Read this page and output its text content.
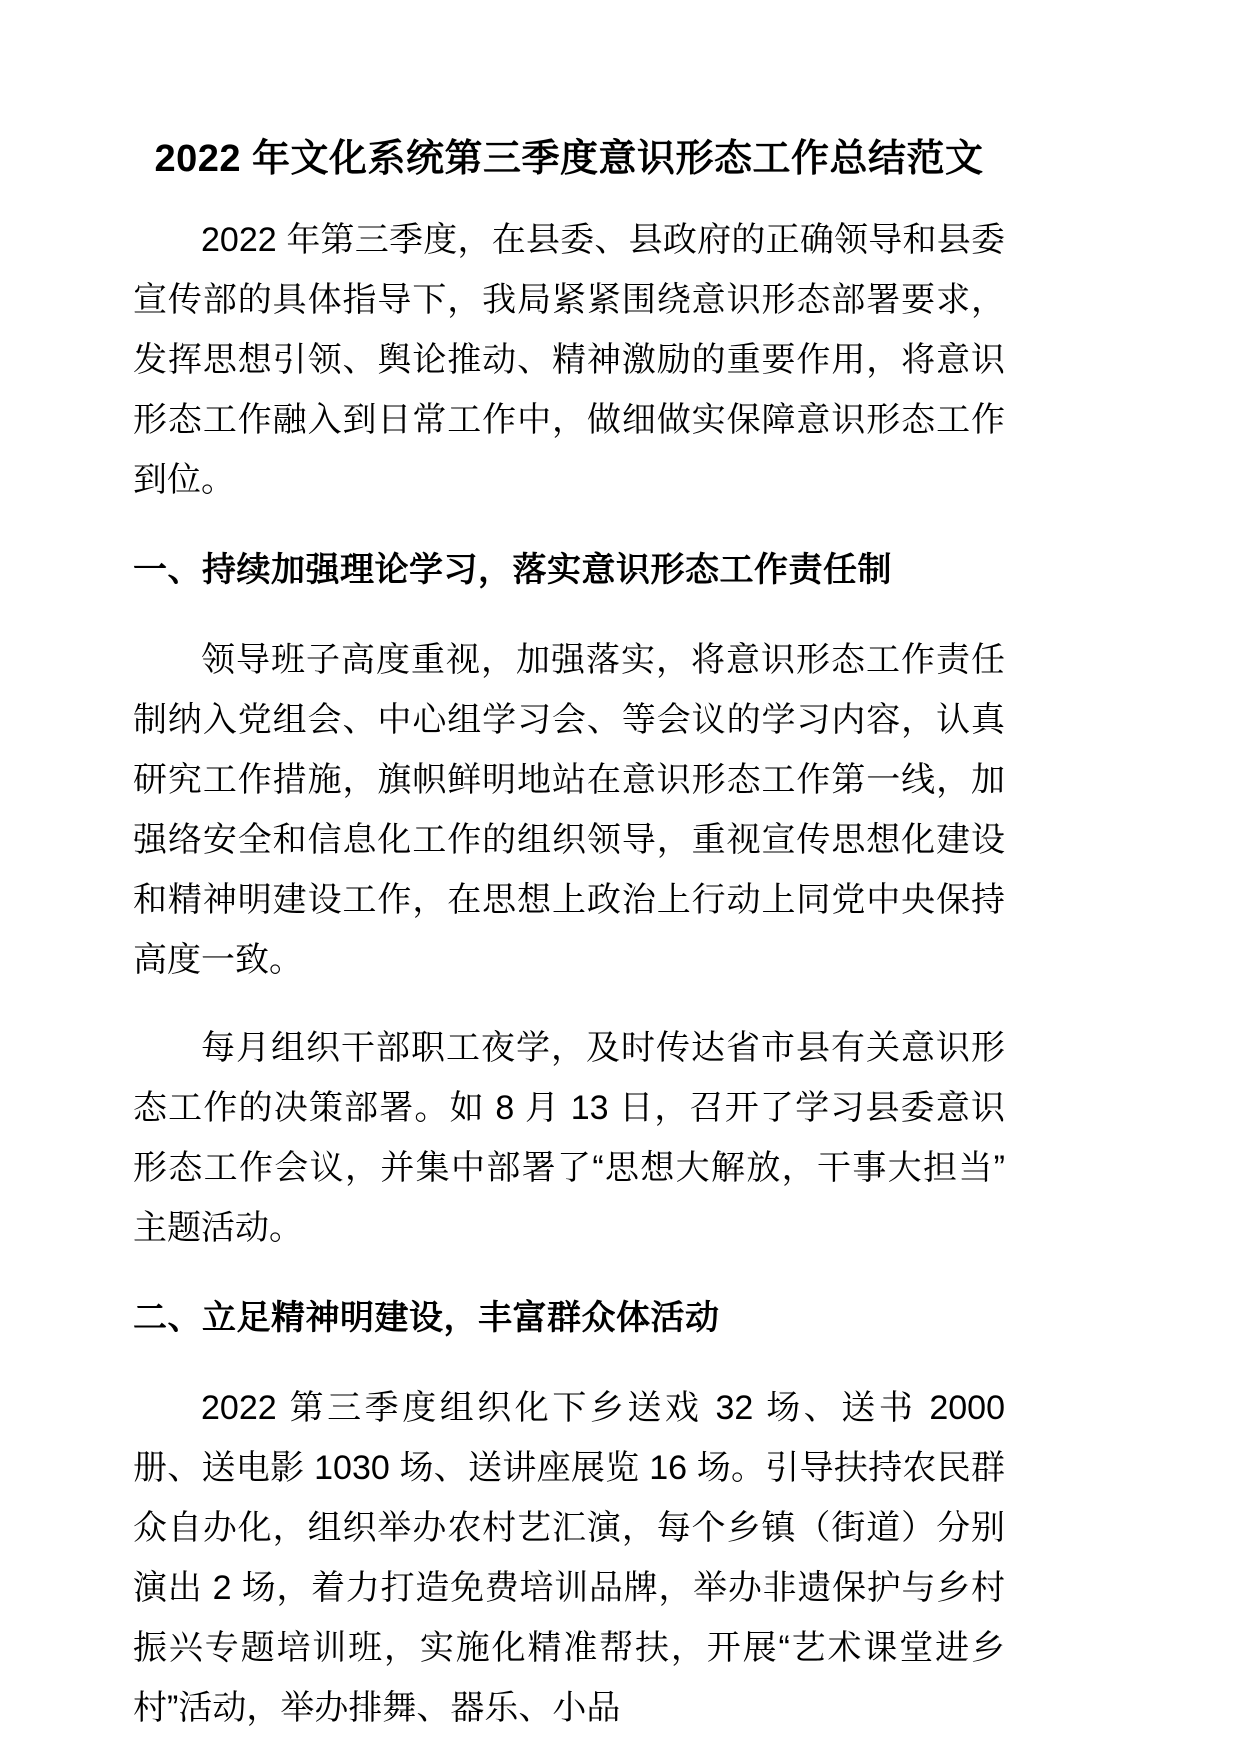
2022 年文化系统第三季度意识形态工作总结范文

2022 年第三季度，在县委、县政府的正确领导和县委宣传部的具体指导下，我局紧紧围绕意识形态部署要求，发挥思想引领、舆论推动、精神激励的重要作用，将意识形态工作融入到日常工作中，做细做实保障意识形态工作到位。

一、持续加强理论学习，落实意识形态工作责任制

领导班子高度重视，加强落实，将意识形态工作责任制纳入党组会、中心组学习会、等会议的学习内容，认真研究工作措施，旗帜鲜明地站在意识形态工作第一线，加强络安全和信息化工作的组织领导，重视宣传思想化建设和精神明建设工作，在思想上政治上行动上同党中央保持高度一致。

每月组织干部职工夜学，及时传达省市县有关意识形态工作的决策部署。如 8 月 13 日，召开了学习县委意识形态工作会议，并集中部署了“思想大解放，干事大担当”主题活动。

二、立足精神明建设，丰富群众体活动

2022 第三季度组织化下乡送戏 32 场、送书 2000 册、送电影 1030 场、送讲座展览 16 场。引导扶持农民群众自办化，组织举办农村艺汇演，每个乡镇（街道）分别演出 2 场，着力打造免费培训品牌，举办非遗保护与乡村振兴专题培训班，实施化精准帮扶，开展“艺术课堂进乡村”活动，举办排舞、器乐、小品
